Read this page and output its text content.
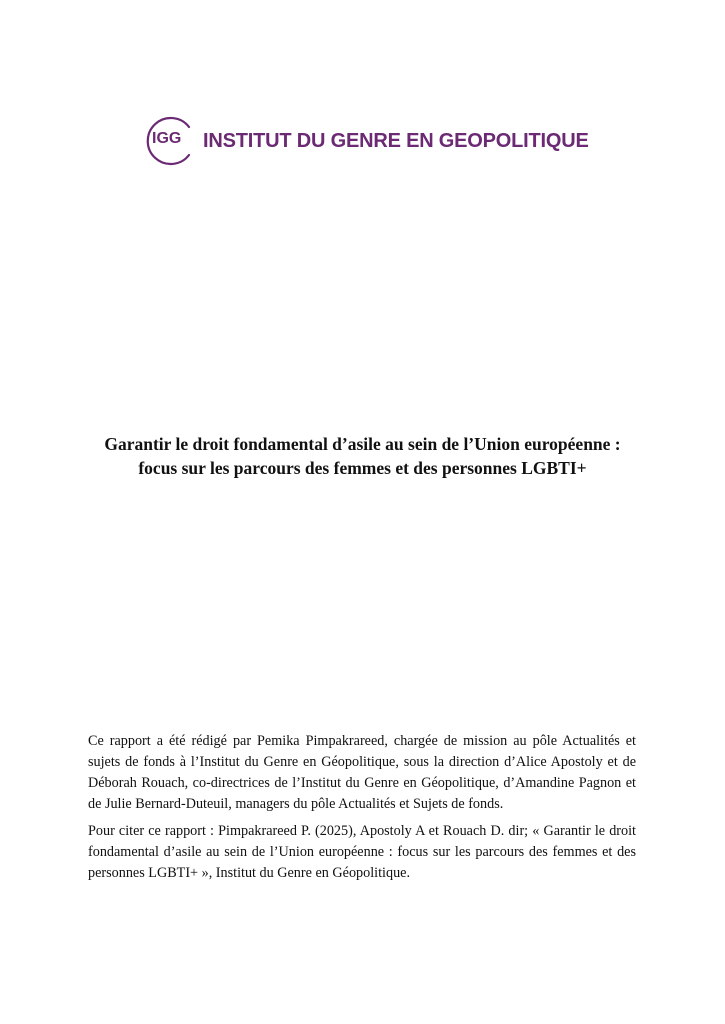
IGG INSTITUT DU GENRE EN GEOPOLITIQUE
Garantir le droit fondamental d’asile au sein de l’Union européenne :
focus sur les parcours des femmes et des personnes LGBTI+

Ce rapport a été rédigé par Pemika Pimpakrareed, chargée de mission au pôle Actualités et sujets de fonds à l’Institut du Genre en Géopolitique, sous la direction d’Alice Apostoly et de Déborah Rouach, co-directrices de l’Institut du Genre en Géopolitique, d’Amandine Pagnon et de Julie Bernard-Duteuil, managers du pôle Actualités et Sujets de fonds.

Pour citer ce rapport : Pimpakrareed P. (2025), Apostoly A et Rouach D. dir; « Garantir le droit fondamental d’asile au sein de l’Union européenne : focus sur les parcours des femmes et des personnes LGBTI+ », Institut du Genre en Géopolitique.
